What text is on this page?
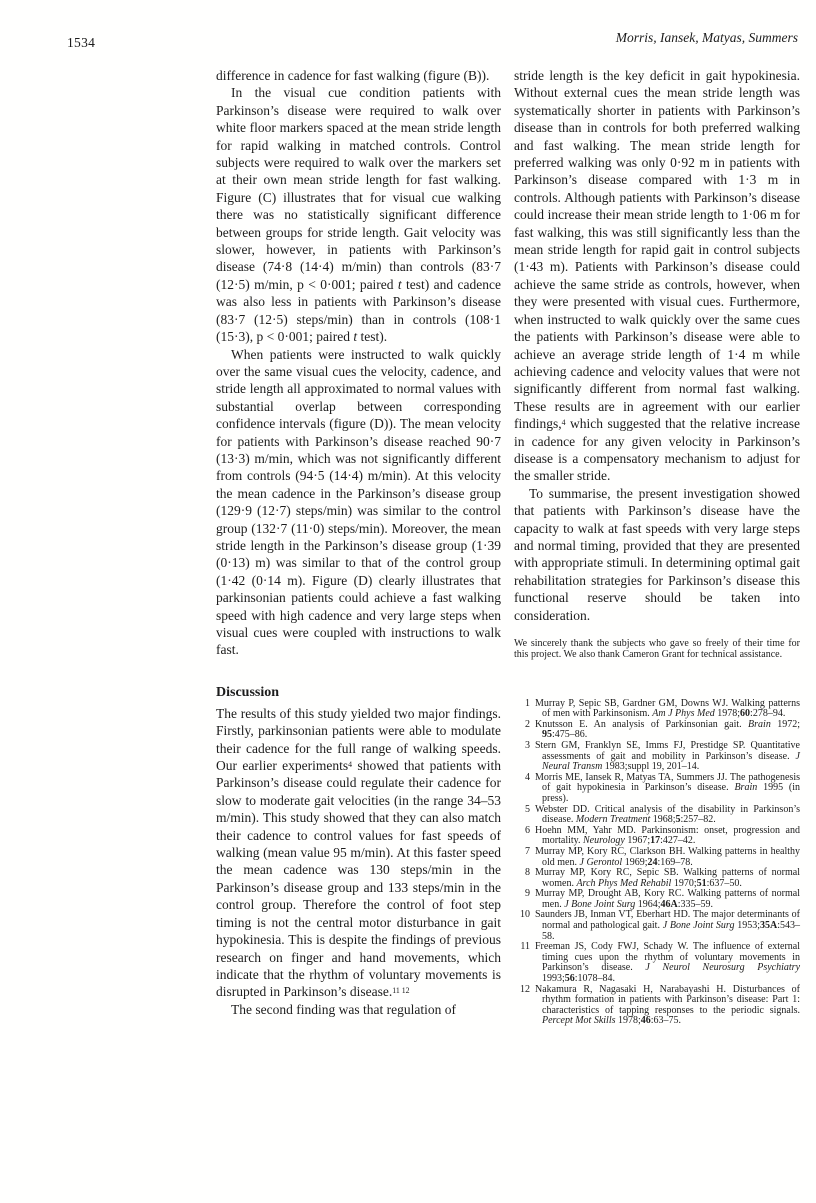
1534	Morris, Iansek, Matyas, Summers

difference in cadence for fast walking (figure (B)).

In the visual cue condition patients with Parkinson’s disease were required to walk over white floor markers spaced at the mean stride length for rapid walking in matched controls. Control subjects were required to walk over the markers set at their own mean stride length for fast walking. Figure (C) illustrates that for visual cue walking there was no statistically significant difference between groups for stride length. Gait velocity was slower, however, in patients with Parkinson’s disease (74·8 (14·4) m/min) than controls (83·7 (12·5) m/min, p < 0·001; paired t test) and cadence was also less in patients with Parkinson’s disease (83·7 (12·5) steps/min) than in controls (108·1 (15·3), p < 0·001; paired t test).

When patients were instructed to walk quickly over the same visual cues the velocity, cadence, and stride length all approximated to normal values with substantial overlap between corresponding confidence intervals (figure (D)). The mean velocity for patients with Parkinson’s disease reached 90·7 (13·3) m/min, which was not significantly different from controls (94·5 (14·4) m/min). At this velocity the mean cadence in the Parkinson’s disease group (129·9 (12·7) steps/min) was similar to the control group (132·7 (11·0) steps/min). Moreover, the mean stride length in the Parkinson’s disease group (1·39 (0·13) m) was similar to that of the control group (1·42 (0·14 m). Figure (D) clearly illustrates that parkinsonian patients could achieve a fast walking speed with high cadence and very large steps when visual cues were coupled with instructions to walk fast.

Discussion

The results of this study yielded two major findings. Firstly, parkinsonian patients were able to modulate their cadence for the full range of walking speeds. Our earlier experiments$^4$ showed that patients with Parkinson’s disease could regulate their cadence for slow to moderate gait velocities (in the range 34–53 m/min). This study showed that they can also match their cadence to control values for fast speeds of walking (mean value 95 m/min). At this faster speed the mean cadence was 130 steps/min in the Parkinson’s disease group and 133 steps/min in the control group. Therefore the control of foot step timing is not the central motor disturbance in gait hypokinesia. This is despite the findings of previous research on finger and hand movements, which indicate that the rhythm of voluntary movements is disrupted in Parkinson’s disease.$^{11 12}$

The second finding was that regulation of

stride length is the key deficit in gait hypokinesia. Without external cues the mean stride length was systematically shorter in patients with Parkinson’s disease than in controls for both preferred walking and fast walking. The mean stride length for preferred walking was only 0·92 m in patients with Parkinson’s disease compared with 1·3 m in controls. Although patients with Parkinson’s disease could increase their mean stride length to 1·06 m for fast walking, this was still significantly less than the mean stride length for rapid gait in control subjects (1·43 m). Patients with Parkinson’s disease could achieve the same stride as controls, however, when they were presented with visual cues. Furthermore, when instructed to walk quickly over the same cues the patients with Parkinson’s disease were able to achieve an average stride length of 1·4 m while achieving cadence and velocity values that were not significantly different from normal fast walking. These results are in agreement with our earlier findings,$^4$ which suggested that the relative increase in cadence for any given velocity in Parkinson’s disease is a compensatory mechanism to adjust for the smaller stride.

To summarise, the present investigation showed that patients with Parkinson’s disease have the capacity to walk at fast speeds with very large steps and normal timing, provided that they are presented with appropriate stimuli. In determining optimal gait rehabilitation strategies for Parkinson’s disease this functional reserve should be taken into consideration.

We sincerely thank the subjects who gave so freely of their time for this project. We also thank Cameron Grant for technical assistance.

1 Murray P, Sepic SB, Gardner GM, Downs WJ. Walking patterns of men with Parkinsonism. Am J Phys Med 1978;60:278–94.
2 Knutsson E. An analysis of Parkinsonian gait. Brain 1972; 95:475–86.
3 Stern GM, Franklyn SE, Imms FJ, Prestidge SP. Quantitative assessments of gait and mobility in Parkinson’s disease. J Neural Transm 1983;suppl 19, 201–14.
4 Morris ME, Iansek R, Matyas TA, Summers JJ. The pathogenesis of gait hypokinesia in Parkinson’s disease. Brain 1995 (in press).
5 Webster DD. Critical analysis of the disability in Parkinson’s disease. Modern Treatment 1968;5:257–82.
6 Hoehn MM, Yahr MD. Parkinsonism: onset, progression and mortality. Neurology 1967;17:427–42.
7 Murray MP, Kory RC, Clarkson BH. Walking patterns in healthy old men. J Gerontol 1969;24:169–78.
8 Murray MP, Kory RC, Sepic SB. Walking patterns of normal women. Arch Phys Med Rehabil 1970;51:637–50.
9 Murray MP, Drought AB, Kory RC. Walking patterns of normal men. J Bone Joint Surg 1964;46A:335–59.
10 Saunders JB, Inman VT, Eberhart HD. The major determinants of normal and pathological gait. J Bone Joint Surg 1953;35A:543–58.
11 Freeman JS, Cody FWJ, Schady W. The influence of external timing cues upon the rhythm of voluntary movements in Parkinson’s disease. J Neurol Neurosurg Psychiatry 1993;56:1078–84.
12 Nakamura R, Nagasaki H, Narabayashi H. Disturbances of rhythm formation in patients with Parkinson’s disease: Part 1: characteristics of tapping responses to the periodic signals. Percept Mot Skills 1978;46:63–75.
